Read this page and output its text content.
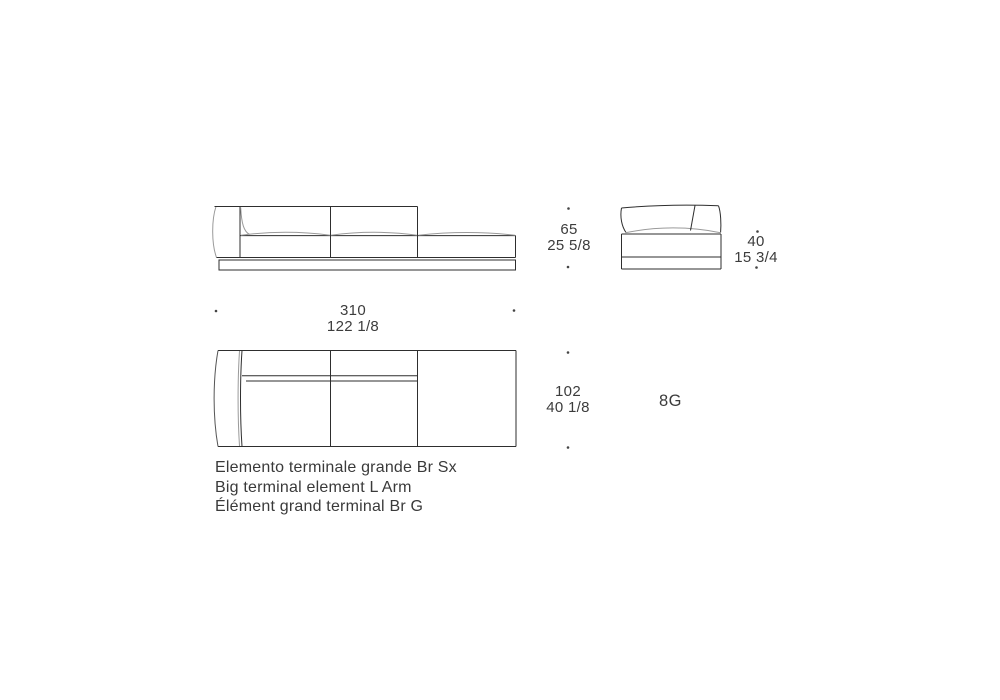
65
25 5/8	40
15 3/4
310
122 1/8
102
40 1/8	8G
Elemento terminale grande Br Sx
Big terminal element L Arm
Élément grand terminal Br G
